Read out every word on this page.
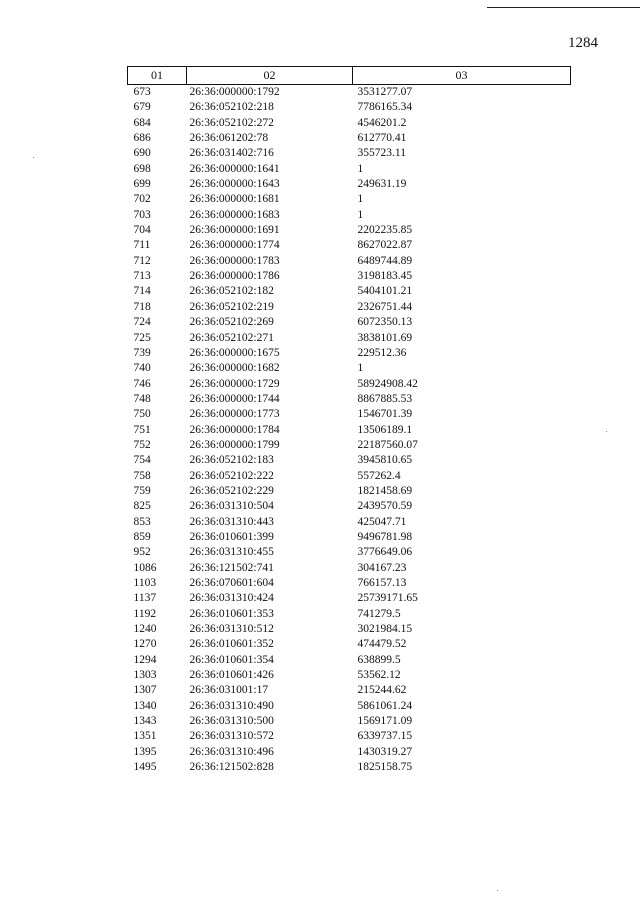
1284
01	02	03
673	26:36:000000:1792	3531277.07
679	26:36:052102:218	7786165.34
684	26:36:052102:272	4546201.2
686	26:36:061202:78	612770.41
690	26:36:031402:716	355723.11
698	26:36:000000:1641	1
699	26:36:000000:1643	249631.19
702	26:36:000000:1681	1
703	26:36:000000:1683	1
704	26:36:000000:1691	2202235.85
711	26:36:000000:1774	8627022.87
712	26:36:000000:1783	6489744.89
713	26:36:000000:1786	3198183.45
714	26:36:052102:182	5404101.21
718	26:36:052102:219	2326751.44
724	26:36:052102:269	6072350.13
725	26:36:052102:271	3838101.69
739	26:36:000000:1675	229512.36
740	26:36:000000:1682	1
746	26:36:000000:1729	58924908.42
748	26:36:000000:1744	8867885.53
750	26:36:000000:1773	1546701.39
751	26:36:000000:1784	13506189.1
752	26:36:000000:1799	22187560.07
754	26:36:052102:183	3945810.65
758	26:36:052102:222	557262.4
759	26:36:052102:229	1821458.69
825	26:36:031310:504	2439570.59
853	26:36:031310:443	425047.71
859	26:36:010601:399	9496781.98
952	26:36:031310:455	3776649.06
1086	26:36:121502:741	304167.23
1103	26:36:070601:604	766157.13
1137	26:36:031310:424	25739171.65
1192	26:36:010601:353	741279.5
1240	26:36:031310:512	3021984.15
1270	26:36:010601:352	474479.52
1294	26:36:010601:354	638899.5
1303	26:36:010601:426	53562.12
1307	26:36:031001:17	215244.62
1340	26:36:031310:490	5861061.24
1343	26:36:031310:500	1569171.09
1351	26:36:031310:572	6339737.15
1395	26:36:031310:496	1430319.27
1495	26:36:121502:828	1825158.75
